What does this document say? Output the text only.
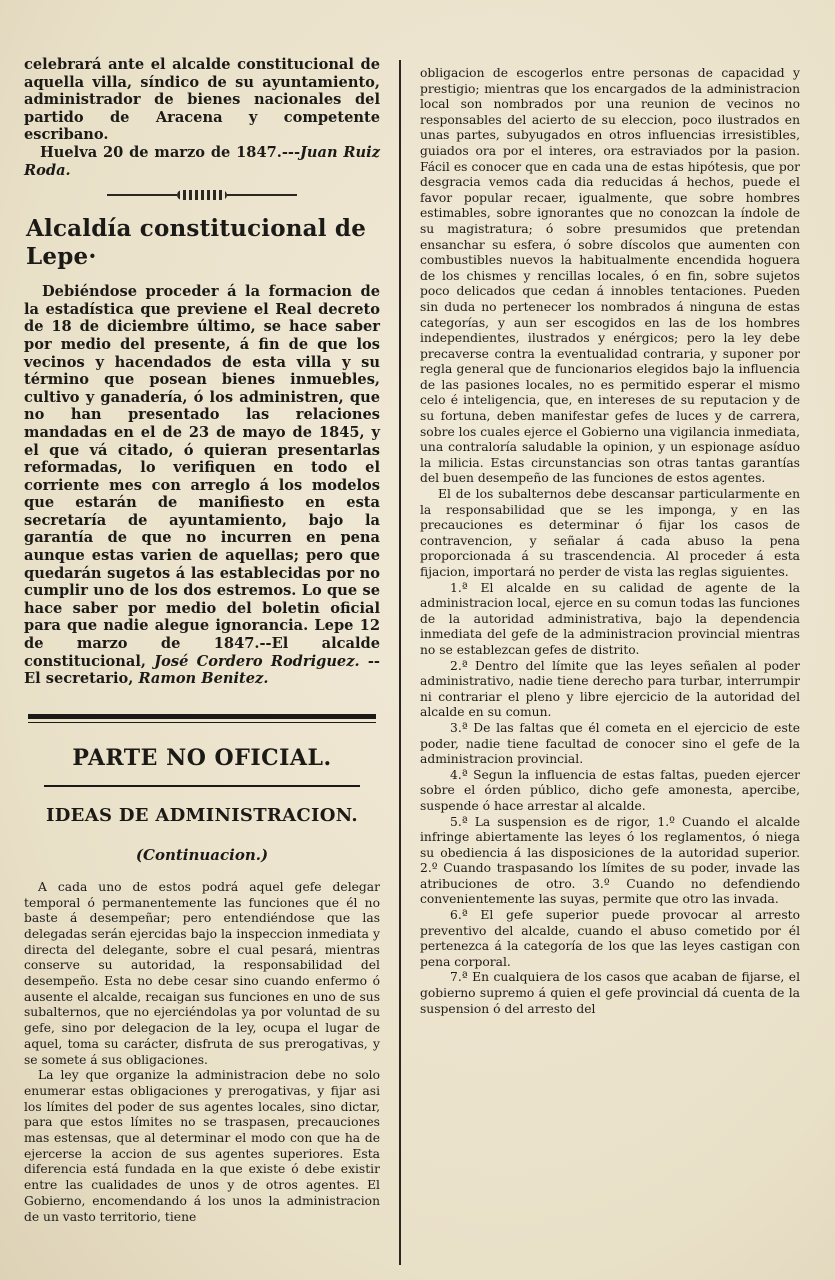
celebrará ante el alcalde constitucional de aquella villa, síndico de su ayuntamiento, administrador de bienes nacionales del partido de Aracena y competente escribano.

Huelva 20 de marzo de 1847.---Juan Ruiz Roda.

Alcaldía constitucional de Lepe·

Debiéndose proceder á la formacion de la estadística que previene el Real decreto de 18 de diciembre último, se hace saber por medio del presente, á fin de que los vecinos y hacendados de esta villa y su término que posean bienes inmuebles, cultivo y ganadería, ó los administren, que no han presentado las relaciones mandadas en el de 23 de mayo de 1845, y el que vá citado, ó quieran presentarlas reformadas, lo verifiquen en todo el corriente mes con arreglo á los modelos que estarán de manifiesto en esta secretaría de ayuntamiento, bajo la garantía de que no incurren en pena aunque estas varien de aquellas; pero que quedarán sugetos á las establecidas por no cumplir uno de los dos estremos. Lo que se hace saber por medio del boletin oficial para que nadie alegue ignorancia. Lepe 12 de marzo de 1847.--El alcalde constitucional, José Cordero Rodriguez. --El secretario, Ramon Benitez.

PARTE NO OFICIAL.
IDEAS DE ADMINISTRACION.
(Continuacion.)

A cada uno de estos podrá aquel gefe delegar temporal ó permanentemente las funciones que él no baste á desempeñar; pero entendiéndose que las delegadas serán ejercidas bajo la inspeccion inmediata y directa del delegante, sobre el cual pesará, mientras conserve su autoridad, la responsabilidad del desempeño. Esta no debe cesar sino cuando enfermo ó ausente el alcalde, recaigan sus funciones en uno de sus subalternos, que no ejerciéndolas ya por voluntad de su gefe, sino por delegacion de la ley, ocupa el lugar de aquel, toma su carácter, disfruta de sus prerogativas, y se somete á sus obligaciones.

La ley que organize la administracion debe no solo enumerar estas obligaciones y prerogativas, y fijar asi los límites del poder de sus agentes locales, sino dictar, para que estos límites no se traspasen, precauciones mas estensas, que al determinar el modo con que ha de ejercerse la accion de sus agentes superiores. Esta diferencia está fundada en la que existe ó debe existir entre las cualidades de unos y de otros agentes. El Gobierno, encomendando á los unos la administracion de un vasto territorio, tiene

obligacion de escogerlos entre personas de capacidad y prestigio; mientras que los encargados de la administracion local son nombrados por una reunion de vecinos no responsables del acierto de su eleccion, poco ilustrados en unas partes, subyugados en otros influencias irresistibles, guiados ora por el interes, ora estraviados por la pasion. Fácil es conocer que en cada una de estas hipótesis, que por desgracia vemos cada dia reducidas á hechos, puede el favor popular recaer, igualmente, que sobre hombres estimables, sobre ignorantes que no conozcan la índole de su magistratura; ó sobre presumidos que pretendan ensanchar su esfera, ó sobre díscolos que aumenten con combustibles nuevos la habitualmente encendida hoguera de los chismes y rencillas locales, ó en fin, sobre sujetos poco delicados que cedan á innobles tentaciones. Pueden sin duda no pertenecer los nombrados á ninguna de estas categorías, y aun ser escogidos en las de los hombres independientes, ilustrados y enérgicos; pero la ley debe precaverse contra la eventualidad contraria, y suponer por regla general que de funcionarios elegidos bajo la influencia de las pasiones locales, no es permitido esperar el mismo celo é inteligencia, que, en intereses de su reputacion y de su fortuna, deben manifestar gefes de luces y de carrera, sobre los cuales ejerce el Gobierno una vigilancia inmediata, una contraloría saludable la opinion, y un espionage asíduo la milicia. Estas circunstancias son otras tantas garantías del buen desempeño de las funciones de estos agentes.

El de los subalternos debe descansar particularmente en la responsabilidad que se les imponga, y en las precauciones es determinar ó fijar los casos de contravencion, y señalar á cada abuso la pena proporcionada á su trascendencia. Al proceder á esta fijacion, importará no perder de vista las reglas siguientes.

1.ª El alcalde en su calidad de agente de la administracion local, ejerce en su comun todas las funciones de la autoridad administrativa, bajo la dependencia inmediata del gefe de la administracion provincial mientras no se establezcan gefes de distrito.

2.ª Dentro del límite que las leyes señalen al poder administrativo, nadie tiene derecho para turbar, interrumpir ni contrariar el pleno y libre ejercicio de la autoridad del alcalde en su comun.

3.ª De las faltas que él cometa en el ejercicio de este poder, nadie tiene facultad de conocer sino el gefe de la administracion provincial.

4.ª Segun la influencia de estas faltas, pueden ejercer sobre el órden público, dicho gefe amonesta, apercibe, suspende ó hace arrestar al alcalde.

5.ª La suspension es de rigor, 1.º Cuando el alcalde infringe abiertamente las leyes ó los reglamentos, ó niega su obediencia á las disposiciones de la autoridad superior. 2.º Cuando traspasando los límites de su poder, invade las atribuciones de otro. 3.º Cuando no defendiendo convenientemente las suyas, permite que otro las invada.

6.ª El gefe superior puede provocar al arresto preventivo del alcalde, cuando el abuso cometido por él pertenezca á la categoría de los que las leyes castigan con pena corporal.

7.ª En cualquiera de los casos que acaban de fijarse, el gobierno supremo á quien el gefe provincial dá cuenta de la suspension ó del arresto del
